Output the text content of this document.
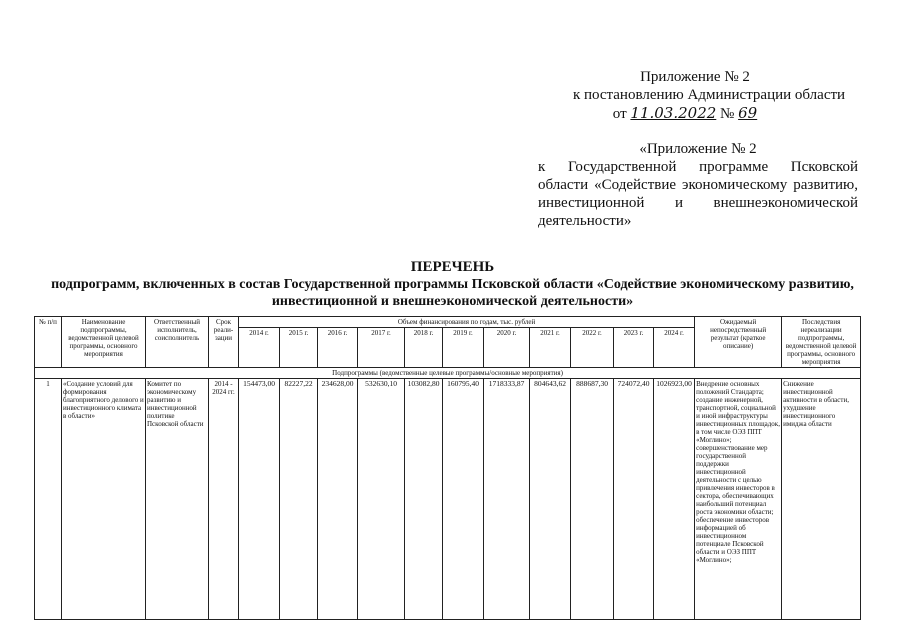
Приложение № 2
к постановлению Администрации области
от 11.03.2022 № 69
«Приложение № 2
к Государственной программе Псковской
области «Содействие экономическому развитию,
инвестиционной и внешнеэкономической
деятельности»
ПЕРЕЧЕНЬ
подпрограмм, включенных в состав Государственной программы Псковской области «Содействие экономическому развитию, инвестиционной и внешнеэкономической деятельности»
№ п/п	Наименование подпрограммы, ведомственной целевой программы, основного мероприятия	Ответственный исполнитель, соисполнитель	Срок реали-зации	Объем финансирования по годам, тыс. рублей											Ожидаемый непосредственный результат (краткое описание)	Последствия нереализации подпрограммы, ведомственной целевой программы, основного мероприятия
				2014 г.	2015 г.	2016 г.	2017 г.	2018 г.	2019 г.	2020 г.	2021 г.	2022 г.	2023 г.	2024 г.		
Подпрограммы (ведомственные целевые программы/основные мероприятия)																
1	«Создание условий для формирования благоприятного делового и инвестиционного климата в области»	Комитет по экономическому развитию и инвестиционной политике Псковской области	2014 - 2024 гг.	154473,00	82227,22	234628,00	532630,10	103082,80	160795,40	1718333,87	804643,62	888687,30	724072,40	1026923,00	Внедрение основных положений Стандарта; создание инженерной, транспортной, социальной и иной инфраструктуры инвестиционных площадок, в том числе ОЭЗ ППТ «Моглино»; совершенствование мер государственной поддержки инвестиционной деятельности с целью привлечения инвесторов в сектора, обеспечивающих наибольший потенциал роста экономики области; обеспечение инвесторов информацией об инвестиционном потенциале Псковской области и ОЭЗ ППТ «Моглино»;	Снижение инвестиционной активности в области, ухудшение инвестиционного имиджа области
